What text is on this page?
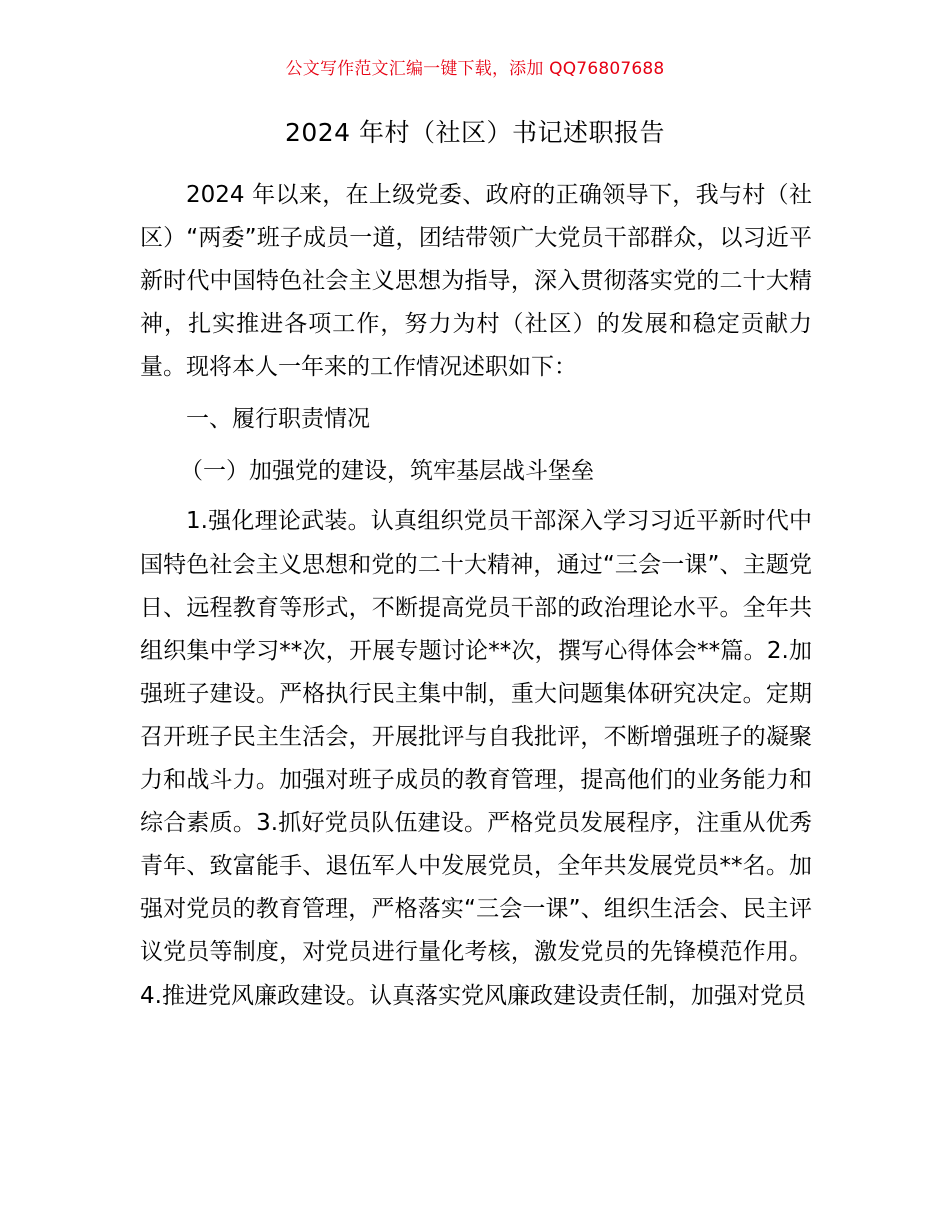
公文写作范文汇编一键下载，添加 QQ76807688
2024 年村（社区）书记述职报告

2024 年以来，在上级党委、政府的正确领导下，我与村（社区）“两委”班子成员一道，团结带领广大党员干部群众，以习近平新时代中国特色社会主义思想为指导，深入贯彻落实党的二十大精神，扎实推进各项工作，努力为村（社区）的发展和稳定贡献力量。现将本人一年来的工作情况述职如下：

一、履行职责情况

（一）加强党的建设，筑牢基层战斗堡垒

1.强化理论武装。认真组织党员干部深入学习习近平新时代中国特色社会主义思想和党的二十大精神，通过“三会一课”、主题党日、远程教育等形式，不断提高党员干部的政治理论水平。全年共组织集中学习**次，开展专题讨论**次，撰写心得体会**篇。2.加强班子建设。严格执行民主集中制，重大问题集体研究决定。定期召开班子民主生活会，开展批评与自我批评，不断增强班子的凝聚力和战斗力。加强对班子成员的教育管理，提高他们的业务能力和综合素质。3.抓好党员队伍建设。严格党员发展程序，注重从优秀青年、致富能手、退伍军人中发展党员，全年共发展党员**名。加强对党员的教育管理，严格落实“三会一课”、组织生活会、民主评议党员等制度，对党员进行量化考核，激发党员的先锋模范作用。4.推进党风廉政建设。认真落实党风廉政建设责任制，加强对党员
